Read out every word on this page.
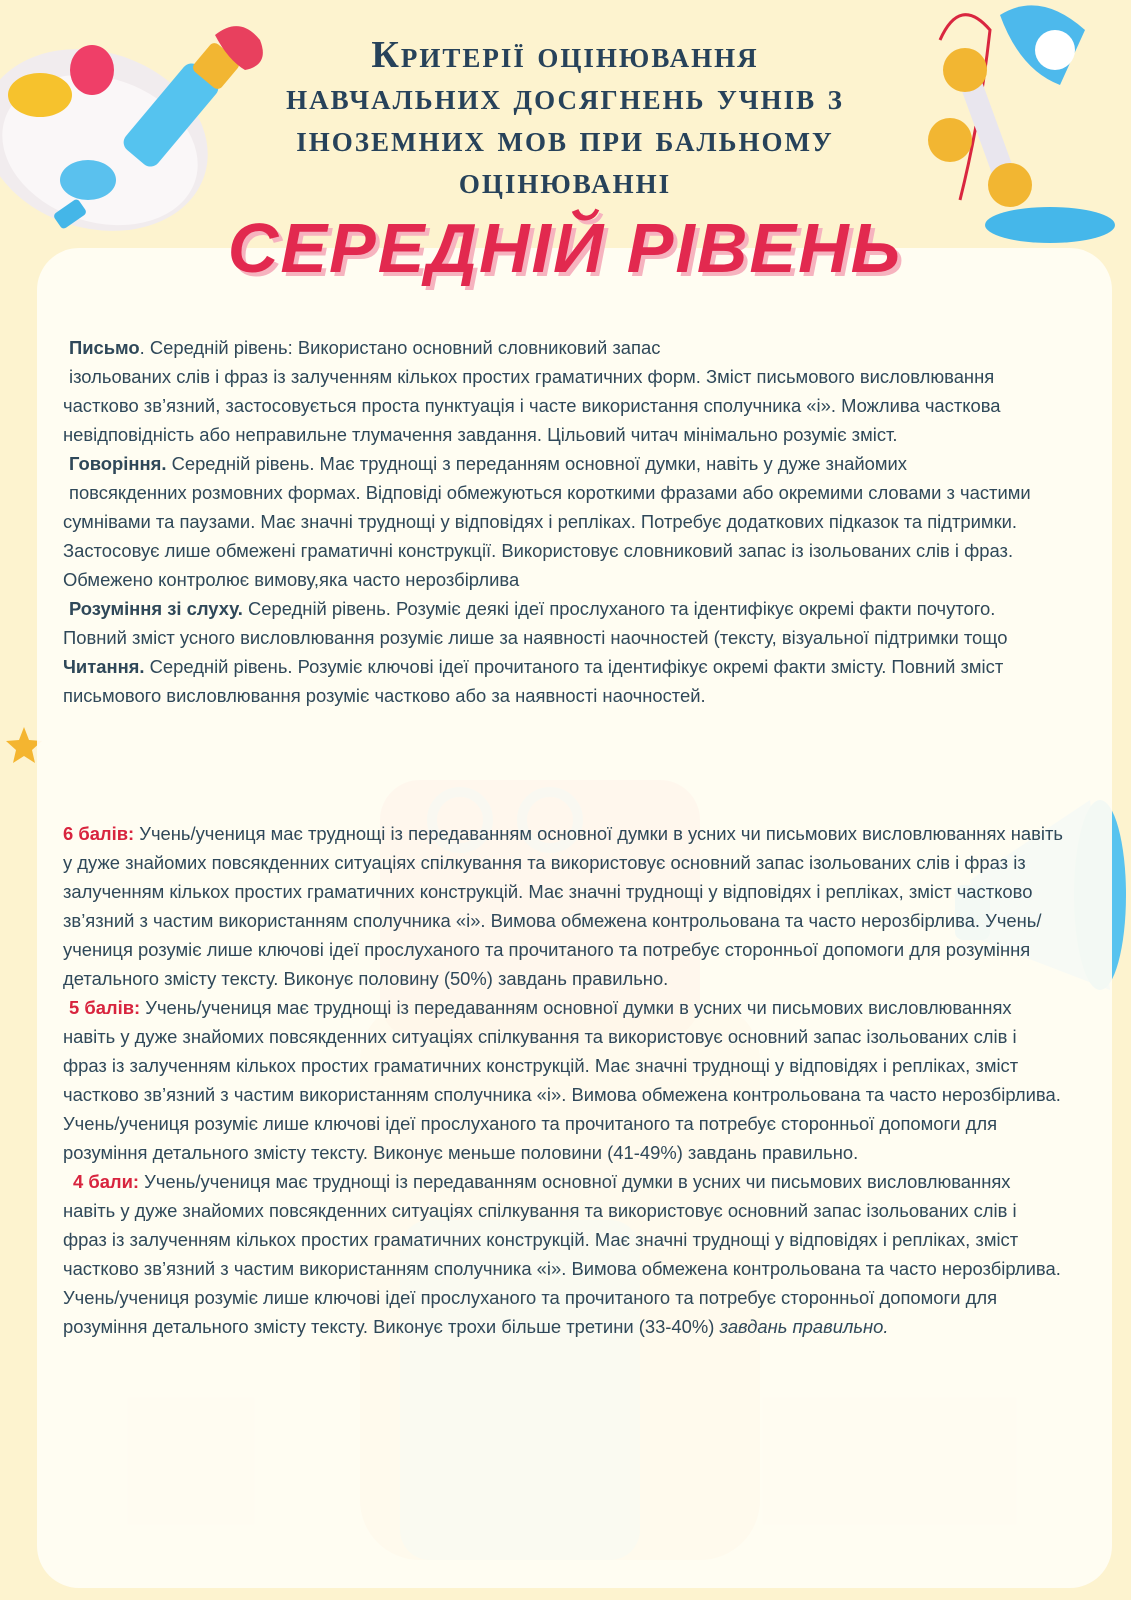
Критерії оцінювання
навчальних досягнень учнів з
іноземних мов при бальному
оцінюванні
СЕРЕДНІЙ РІВЕНЬ

Письмо. Середній рівень: Використано основний словниковий запас
ізольованих слів і фраз із залученням кількох простих граматичних форм. Зміст письмового висловлювання частково зв’язний, застосовується проста пунктуація і часте використання сполучника «і». Можлива часткова невідповідність або неправильне тлумачення завдання. Цільовий читач мінімально розуміє зміст.

Говоріння. Середній рівень. Має труднощі з переданням основної думки, навіть у дуже знайомих
повсякденних розмовних формах. Відповіді обмежуються короткими фразами або окремими словами з частими сумнівами та паузами. Має значні труднощі у відповідях і репліках. Потребує додаткових підказок та підтримки. Застосовує лише обмежені граматичні конструкції. Використовує словниковий запас із ізольованих слів і фраз. Обмежено контролює вимову,яка часто нерозбірлива

Розуміння зі слуху. Середній рівень. Розуміє деякі ідеї прослуханого та ідентифікує окремі факти почутого. Повний зміст усного висловлювання розуміє лише за наявності наочностей (тексту, візуальної підтримки тощо

Читання. Середній рівень. Розуміє ключові ідеї прочитаного та ідентифікує окремі факти змісту. Повний зміст письмового висловлювання розуміє частково або за наявності наочностей.

6 балів: Учень/учениця має труднощі із передаванням основної думки в усних чи письмових висловлюваннях навіть у дуже знайомих повсякденних ситуаціях спілкування та використовує основний запас ізольованих слів і фраз із залученням кількох простих граматичних конструкцій. Має значні труднощі у відповідях і репліках, зміст частково зв’язний з частим використанням сполучника «і». Вимова обмежена контрольована та часто нерозбірлива. Учень/учениця розуміє лише ключові ідеї прослуханого та прочитаного та потребує сторонньої допомоги для розуміння детального змісту тексту. Виконує половину (50%) завдань правильно.

5 балів: Учень/учениця має труднощі із передаванням основної думки в усних чи письмових висловлюваннях навіть у дуже знайомих повсякденних ситуаціях спілкування та використовує основний запас ізольованих слів і фраз із залученням кількох простих граматичних конструкцій. Має значні труднощі у відповідях і репліках, зміст частково зв’язний з частим використанням сполучника «і». Вимова обмежена контрольована та часто нерозбірлива. Учень/учениця розуміє лише ключові ідеї прослуханого та прочитаного та потребує сторонньої допомоги для розуміння детального змісту тексту. Виконує меньше половини (41-49%) завдань правильно.

4 бали: Учень/учениця має труднощі із передаванням основної думки в усних чи письмових висловлюваннях навіть у дуже знайомих повсякденних ситуаціях спілкування та використовує основний запас ізольованих слів і фраз із залученням кількох простих граматичних конструкцій. Має значні труднощі у відповідях і репліках, зміст частково зв’язний з частим використанням сполучника «і». Вимова обмежена контрольована та часто нерозбірлива. Учень/учениця розуміє лише ключові ідеї прослуханого та прочитаного та потребує сторонньої допомоги для розуміння детального змісту тексту. Виконує трохи більше третини (33-40%) завдань правильно.
